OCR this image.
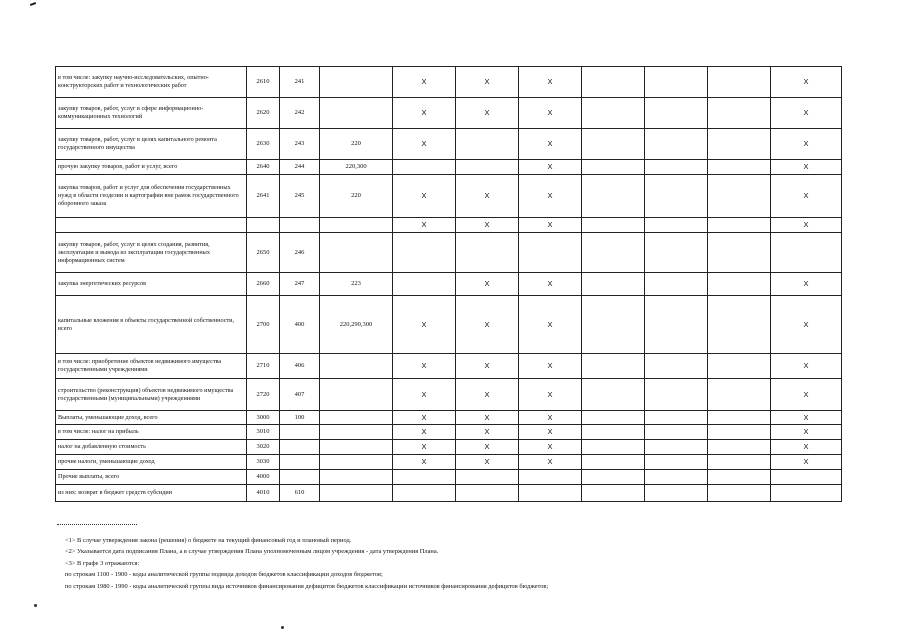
в том числе: закупку научно-исследовательских, опытно-конструкторских работ и технологических работ	2610	241		X	X	X				X
закупку товаров, работ, услуг в сфере информационно-коммуникационных технологий	2620	242		X	X	X				X
закупку товаров, работ, услуг в целях капитального ремонта государственного имущества	2630	243	220	X		X				X
прочую закупку товаров, работ и услуг, всего	2640	244	220,300			X				X
закупка товаров, работ и услуг для обеспечения государственных нужд в области геодезии и картографии вне рамок государственного оборонного заказа	2641	245	220	X	X	X				X
				X	X	X				X
закупку товаров, работ, услуг в целях создания, развития, эксплуатации и вывода из эксплуатации государственных информационных систем	2650	246								
закупка энергетических ресурсов	2660	247	223		X	X				X
капитальные вложения в объекты государственной собственности, всего	2700	400	220,290,300	X	X	X				X
в том числе: приобретение объектов недвижимого имущества государственными учреждениями	2710	406		X	X	X				X
строительство (реконструкция) объектов недвижимого имущества государственными (муниципальными) учреждениями	2720	407		X	X	X				X
Выплаты, уменьшающие доход, всего	3000	100		X	X	X				X
в том числе: налог на прибыль	3010			X	X	X				X
налог на добавленную стоимость	3020			X	X	X				X
прочие налоги, уменьшающие доход	3030			X	X	X				X
Прочие выплаты, всего	4000									
из них: возврат в бюджет средств субсидии	4010	610								
<1> В случае утверждения закона (решения) о бюджете на текущий финансовый год и плановый период.
<2> Указывается дата подписания Плана, а в случае утверждения Плана уполномоченным лицом учреждения - дата утверждения Плана.
<3> В графе 3 отражаются:
по строкам 1100 - 1900 - коды аналитической группы подвида доходов бюджетов классификации доходов бюджетов;
по строкам 1980 - 1990 - коды аналитической группы вида источников финансирования дефицитов бюджетов классификации источников финансирования дефицитов бюджетов;
